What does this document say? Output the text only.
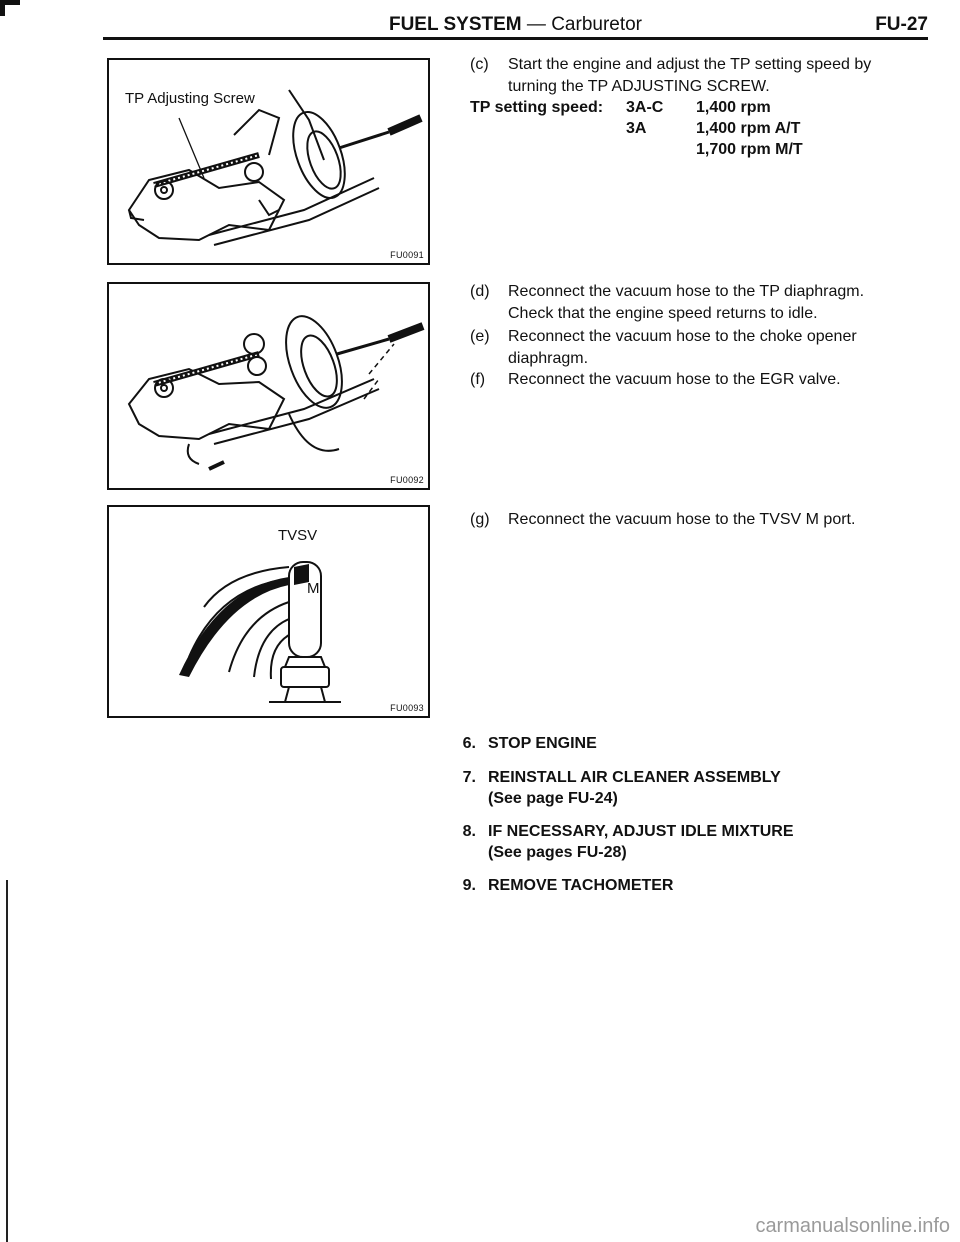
FUEL SYSTEM — Carburetor	FU-27
TP Adjusting Screw
FU0091
FU0092
TVSV
M
FU0093
(c) Start the engine and adjust the TP setting speed by
turning the TP ADJUSTING SCREW.
TP setting speed: 3A-C 1,400 rpm
3A	1,400 rpm A/T
1,700 rpm M/T
(d) Reconnect the vacuum hose to the TP diaphragm.
Check that the engine speed returns to idle.
(e) Reconnect the vacuum hose to the choke opener
diaphragm.
(f) Reconnect the vacuum hose to the EGR valve.
(g) Reconnect the vacuum hose to the TVSV M port.
6. STOP ENGINE
7. REINSTALL AIR CLEANER ASSEMBLY
(See page FU-24)
8. IF NECESSARY, ADJUST IDLE MIXTURE
(See pages FU-28)
9. REMOVE TACHOMETER
carmanualsonline.info
